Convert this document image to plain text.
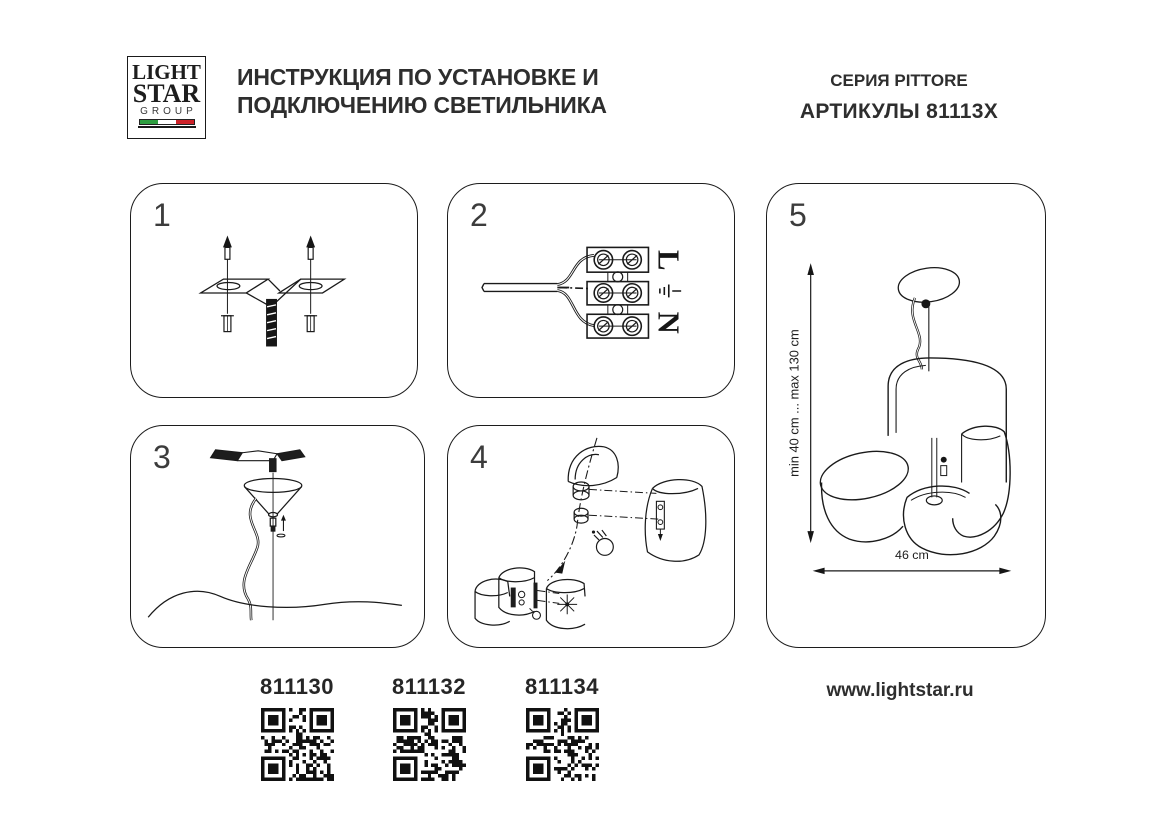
LIGHT
STAR
GROUP
ИНСТРУКЦИЯ ПО УСТАНОВКЕ И
ПОДКЛЮЧЕНИЮ СВЕТИЛЬНИКА
СЕРИЯ PITTORE
АРТИКУЛЫ 81113X
1	2
L
N
3	4
5
min 40 cm ... max 130 cm
46 cm
811130	811132	811134	www.lightstar.ru
